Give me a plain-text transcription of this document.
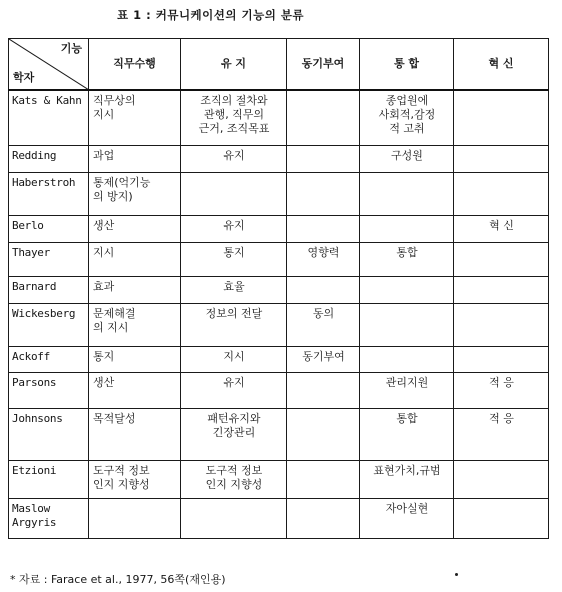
표 1 : 커뮤니케이션의 기능의 분류
기능
학자	직무수행	유 지	동기부여	통 합	혁 신

Kats & Kahn	직무상의
지시	조직의 절차와
관행, 직무의
근거, 조직목표		종업원에
사회적,감정
적 고취	

Redding	과업	유지		구성원	

Haberstroh	통제(억기능
의 방지)				

Berlo	생산	유지			혁 신

Thayer	지시	통지	영향력	통합	

Barnard	효과	효율			

Wickesberg	문제해결
의 지시	정보의 전달	동의		

Ackoff	통지	지시	동기부여		

Parsons	생산	유지		관리지원	적 응

Johnsons	목적달성	패턴유지와
긴장관리		통합	적 응

Etzioni	도구적 정보
인지 지향성	도구적 정보
인지 지향성		표현가치,규범	

Maslow
Argyris				자아실현	

* 자료 : Farace et al., 1977, 56쪽(재인용)
